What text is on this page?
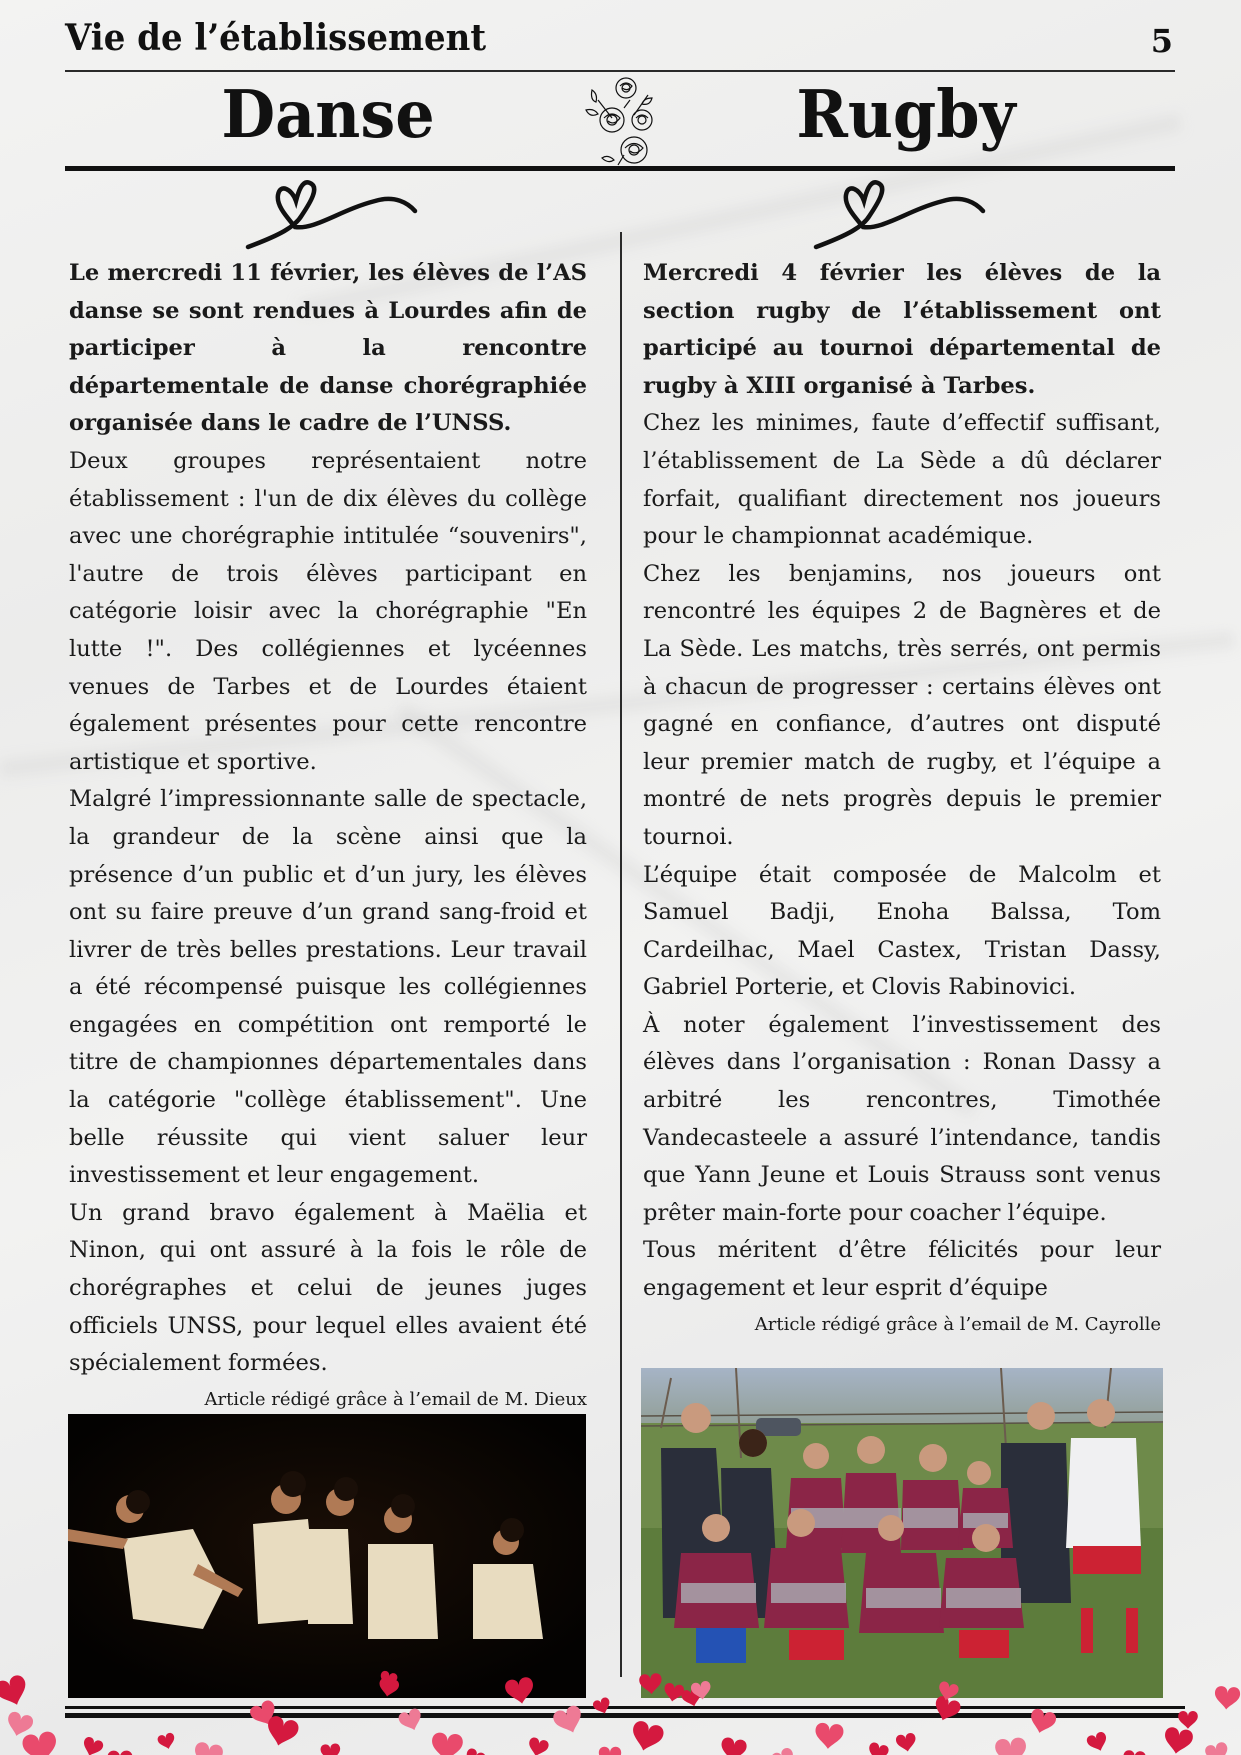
Vie de l’établissement	5
Danse	Rugby

Le mercredi 11 février, les élèves de l’AS danse se sont rendues à Lourdes afin de participer à la rencontre départementale de danse chorégraphiée organisée dans le cadre de l’UNSS.

Deux groupes représentaient notre établissement : l'un de dix élèves du collège avec une chorégraphie intitulée “souvenirs", l'autre de trois élèves participant en catégorie loisir avec la chorégraphie "En lutte !". Des collégiennes et lycéennes venues de Tarbes et de Lourdes étaient également présentes pour cette rencontre artistique et sportive.

Malgré l’impressionnante salle de spectacle, la grandeur de la scène ainsi que la présence d’un public et d’un jury, les élèves ont su faire preuve d’un grand sang-froid et livrer de très belles prestations. Leur travail a été récompensé puisque les collégiennes engagées en compétition ont remporté le titre de championnes départementales dans la catégorie "collège établissement". Une belle réussite qui vient saluer leur investissement et leur engagement.

Un grand bravo également à Maëlia et Ninon, qui ont assuré à la fois le rôle de chorégraphes et celui de jeunes juges officiels UNSS, pour lequel elles avaient été spécialement formées.

Article rédigé grâce à l’email de M. Dieux

Mercredi 4 février les élèves de la section rugby de l’établissement ont participé au tournoi départemental de rugby à XIII organisé à Tarbes.

Chez les minimes, faute d’effectif suffisant, l’établissement de La Sède a dû déclarer forfait, qualifiant directement nos joueurs pour le championnat académique.

Chez les benjamins, nos joueurs ont rencontré les équipes 2 de Bagnères et de La Sède. Les matchs, très serrés, ont permis à chacun de progresser : certains élèves ont gagné en confiance, d’autres ont disputé leur premier match de rugby, et l’équipe a montré de nets progrès depuis le premier tournoi.

L’équipe était composée de Malcolm et Samuel Badji, Enoha Balssa, Tom Cardeilhac, Mael Castex, Tristan Dassy, Gabriel Porterie, et Clovis Rabinovici.

À noter également l’investissement des élèves dans l’organisation : Ronan Dassy a arbitré les rencontres, Timothée Vandecasteele a assuré l’intendance, tandis que Yann Jeune et Louis Strauss sont venus prêter main-forte pour coacher l’équipe.

Tous méritent d’être félicités pour leur engagement et leur esprit d’équipe

Article rédigé grâce à l’email de M. Cayrolle
